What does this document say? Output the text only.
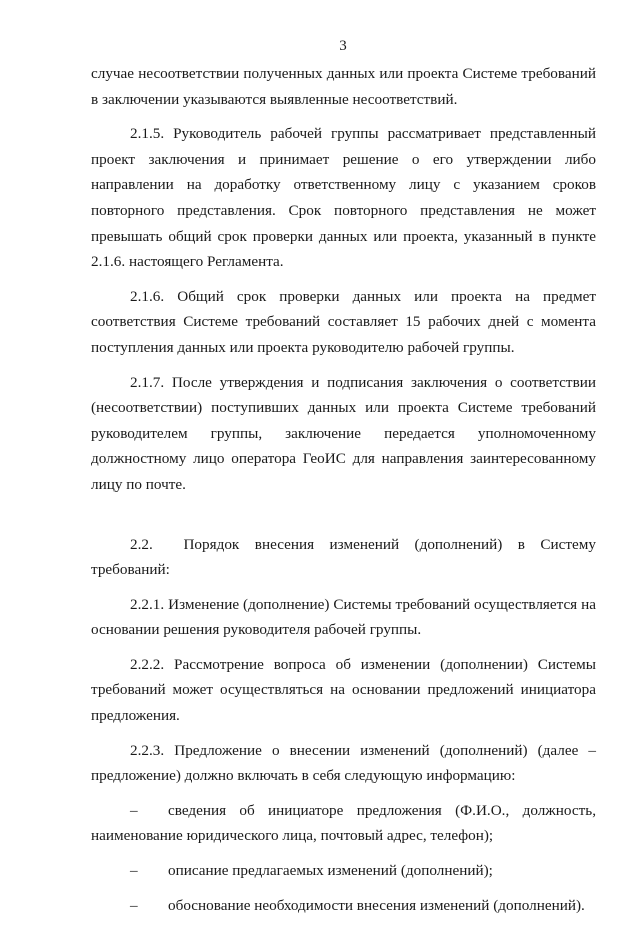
3

случае несоответствии полученных данных или проекта Системе требований в заключении указываются выявленные несоответствий.

2.1.5. Руководитель рабочей группы рассматривает представленный проект заключения и принимает решение о его утверждении либо направлении на доработку ответственному лицу с указанием сроков повторного представления. Срок повторного представления не может превышать общий срок проверки данных или проекта, указанный в пункте 2.1.6. настоящего Регламента.

2.1.6. Общий срок проверки данных или проекта на предмет соответствия Системе требований составляет 15 рабочих дней с момента поступления данных или проекта руководителю рабочей группы.

2.1.7. После утверждения и подписания заключения о соответствии (несоответствии) поступивших данных или проекта Системе требований руководителем группы, заключение передается уполномоченному должностному лицо оператора ГеоИС для направления заинтересованному лицу по почте.

2.2. Порядок внесения изменений (дополнений) в Систему требований:

2.2.1. Изменение (дополнение) Системы требований осуществляется на основании решения руководителя рабочей группы.

2.2.2. Рассмотрение вопроса об изменении (дополнении) Системы требований может осуществляться на основании предложений инициатора предложения.

2.2.3. Предложение о внесении изменений (дополнений) (далее – предложение) должно включать в себя следующую информацию:

– сведения об инициаторе предложения (Ф.И.О., должность, наименование юридического лица, почтовый адрес, телефон);
– описание предлагаемых изменений (дополнений);
– обоснование необходимости внесения изменений (дополнений).
